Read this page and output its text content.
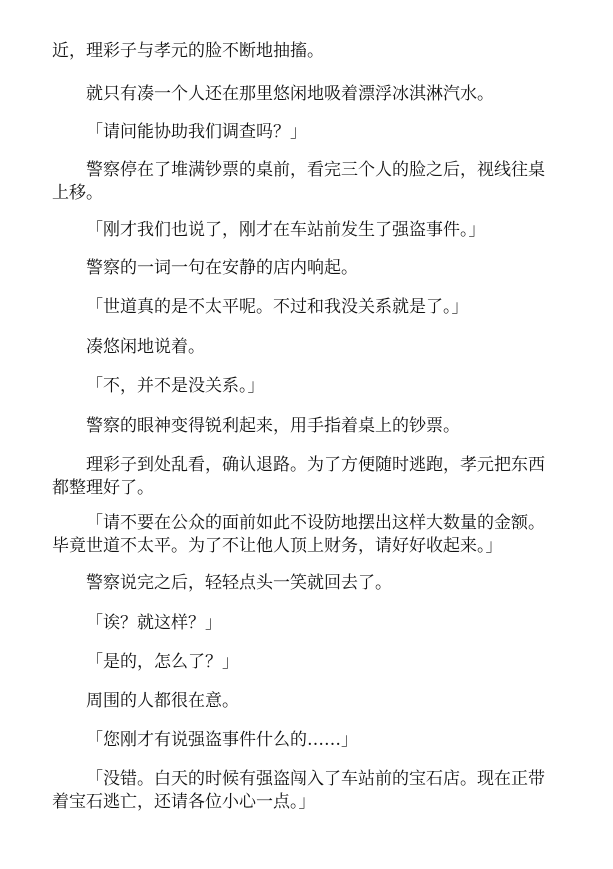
近，理彩子与孝元的脸不断地抽搐。

就只有凑一个人还在那里悠闲地吸着漂浮冰淇淋汽水。

「请问能协助我们调查吗？」

警察停在了堆满钞票的桌前，看完三个人的脸之后，视线往桌上移。

「刚才我们也说了，刚才在车站前发生了强盗事件。」

警察的一词一句在安静的店内响起。

「世道真的是不太平呢。不过和我没关系就是了。」

凑悠闲地说着。

「不，并不是没关系。」

警察的眼神变得锐利起来，用手指着桌上的钞票。

理彩子到处乱看，确认退路。为了方便随时逃跑，孝元把东西都整理好了。

「请不要在公众的面前如此不设防地摆出这样大数量的金额。毕竟世道不太平。为了不让他人顶上财务，请好好收起来。」

警察说完之后，轻轻点头一笑就回去了。

「诶？就这样？」

「是的，怎么了？」

周围的人都很在意。

「您刚才有说强盗事件什么的……」

「没错。白天的时候有强盗闯入了车站前的宝石店。现在正带着宝石逃亡，还请各位小心一点。」
